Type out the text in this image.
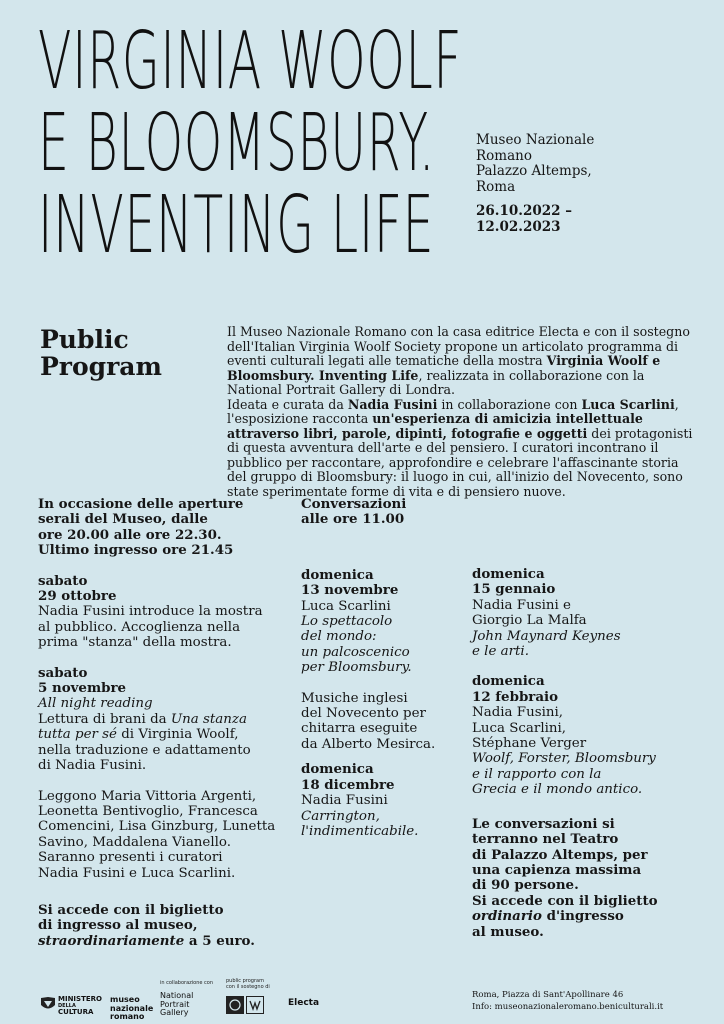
VIRGINIA WOOLF
E BLOOMSBURY.
INVENTING LIFE
Museo Nazionale
Romano
Palazzo Altemps,
Roma
26.10.2022 –
12.02.2023
Public
Program
Il Museo Nazionale Romano con la casa editrice Electa e con il sostegno dell'Italian Virginia Woolf Society propone un articolato programma di eventi culturali legati alle tematiche della mostra Virginia Woolf e Bloomsbury. Inventing Life, realizzata in collaborazione con la National Portrait Gallery di Londra.
Ideata e curata da Nadia Fusini in collaborazione con Luca Scarlini, l'esposizione racconta un'esperienza di amicizia intellettuale attraverso libri, parole, dipinti, fotografie e oggetti dei protagonisti di questa avventura dell'arte e del pensiero. I curatori incontrano il pubblico per raccontare, approfondire e celebrare l'affascinante storia del gruppo di Bloomsbury: il luogo in cui, all'inizio del Novecento, sono state sperimentate forme di vita e di pensiero nuove.
In occasione delle aperture
serali del Museo, dalle
ore 20.00 alle ore 22.30.
Ultimo ingresso ore 21.45
sabato
29 ottobre
Nadia Fusini introduce la mostra
al pubblico. Accoglienza nella
prima "stanza" della mostra.
sabato
5 novembre
All night reading
Lettura di brani da Una stanza
tutta per sé di Virginia Woolf,
nella traduzione e adattamento
di Nadia Fusini.
Leggono Maria Vittoria Argenti,
Leonetta Bentivoglio, Francesca
Comencini, Lisa Ginzburg, Lunetta
Savino, Maddalena Vianello.
Saranno presenti i curatori
Nadia Fusini e Luca Scarlini.
Si accede con il biglietto
di ingresso al museo,
straordinariamente a 5 euro.
Conversazioni
alle ore 11.00
domenica
13 novembre
Luca Scarlini
Lo spettacolo
del mondo:
un palcoscenico
per Bloomsbury.
Musiche inglesi
del Novecento per
chitarra eseguite
da Alberto Mesirca.
domenica
18 dicembre
Nadia Fusini
Carrington,
l'indimenticabile.
domenica
15 gennaio
Nadia Fusini e
Giorgio La Malfa
John Maynard Keynes
e le arti.
domenica
12 febbraio
Nadia Fusini,
Luca Scarlini,
Stéphane Verger
Woolf, Forster, Bloomsbury
e il rapporto con la
Grecia e il mondo antico.
Le conversazioni si
terranno nel Teatro
di Palazzo Altemps, per
una capienza massima
di 90 persone.
Si accede con il biglietto
ordinario d'ingresso
al museo.
in collaborazione con	public program
con il sostegno di
MINISTERO
DELLA
CULTURA
museo
nazionale
romano
National
Portrait
Gallery
Electa
Roma, Piazza di Sant'Apollinare 46
Info: museonazionaleromano.beniculturali.it
